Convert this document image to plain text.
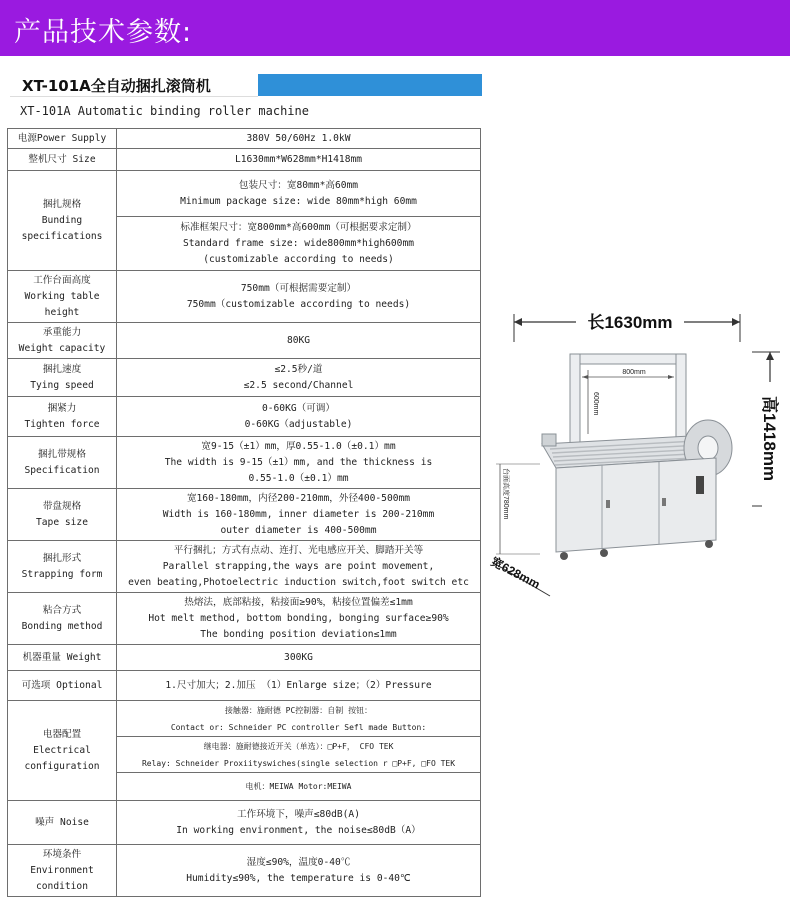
产品技术参数:
XT-101A全自动捆扎滚筒机
XT-101A Automatic binding roller machine
电源Power Supply	380V 50/60Hz 1.0kW
整机尺寸 Size	L1630mm*W628mm*H1418mm

捆扎规格
Bunding
specifications	包装尺寸：宽80mm*高60mm
Minimum package size: wide 80mm*high 60mm

	标准框架尺寸：宽800mm*高600mm（可根据要求定制）
Standard frame size: wide800mm*high600mm
(customizable according to needs)

工作台面高度
Working table
height	750mm（可根据需要定制）
750mm（customizable according to needs)

承重能力
Weight capacity	80KG

捆扎速度
Tying speed	≤2.5秒/道
≤2.5 second/Channel

捆紧力
Tighten force	0-60KG（可调）
0-60KG（adjustable)

捆扎带规格
Specification	宽9-15（±1）mm，厚0.55-1.0（±0.1）mm
The width is 9-15（±1）mm, and the thickness is
0.55-1.0（±0.1）mm

带盘规格
Tape size	宽160-180mm，内径200-210mm，外径400-500mm
Width is 160-180mm, inner diameter is 200-210mm
outer diameter is 400-500mm

捆扎形式
Strapping form	平行捆扎；方式有点动、连打、光电感应开关、脚踏开关等
Parallel strapping,the ways are point movement,
even beating,Photoelectric induction switch,foot switch etc

粘合方式
Bonding method	热熔法，底部粘接，粘接面≥90%，粘接位置偏差≤1mm
Hot melt method, bottom bonding, bonging surface≥90%
The bonding position deviation≤1mm

机器重量 Weight	300KG
可选项 Optional	1.尺寸加大；2.加压 （1）Enlarge size；（2）Pressure

电器配置
Electrical
configuration	接触器：施耐德 PC控制器：自制 按钮：
Contact or: Schneider PC controller Sefl made Button:

	继电器：施耐德接近开关（单选）：□P+F， CFO TEK
Relay: Schneider Proxiityswiches(single selection r □P+F, □FO TEK

	电机：MEIWA Motor:MEIWA
噪声 Noise	工作环境下，噪声≤80dB(A)
In working environment, the noise≤80dB（A）

环境条件
Environment
condition	湿度≤90%，温度0-40℃
Humidity≤90%, the temperature is 0-40℃
长1630mm
高1418mm
800mm
600mm
台面高度780mm
宽628mm
